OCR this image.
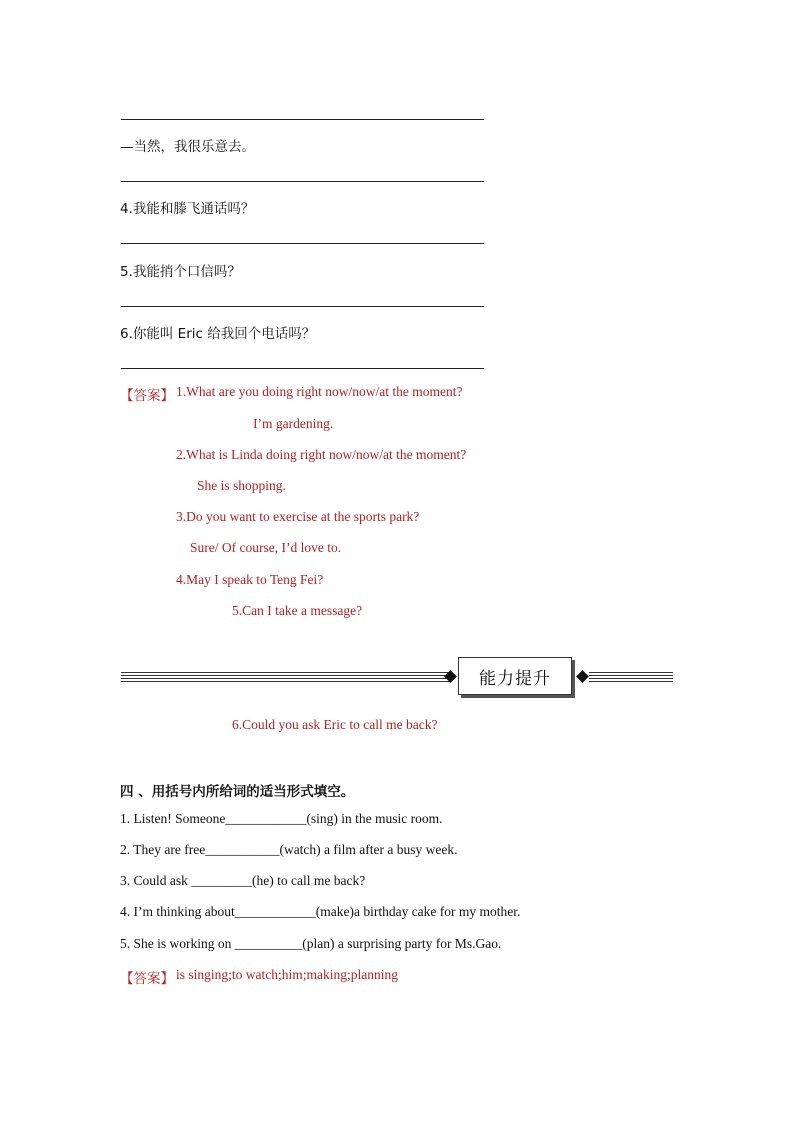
—当然，我很乐意去。
4.我能和滕飞通话吗？
5.我能捎个口信吗？
6.你能叫 Eric 给我回个电话吗？
【答案】 1.What are you doing right now/now/at the moment?
I’m gardening.
2.What is Linda doing right now/now/at the moment?
She is shopping.
3.Do you want to exercise at the sports park?
Sure/ Of course, I’d love to.
4.May I speak to Teng Fei?
5.Can I take a message?
能力提升
6.Could you ask Eric to call me back?
四 、用括号内所给词的适当形式填空。
1. Listen! Someone____________(sing) in the music room.
2. They are free___________(watch) a film after a busy week.
3. Could ask _________(he) to call me back?
4. I’m thinking about____________(make)a birthday cake for my mother.
5. She is working on __________(plan) a surprising party for Ms.Gao.
【答案】 is singing;to watch;him;making;planning
